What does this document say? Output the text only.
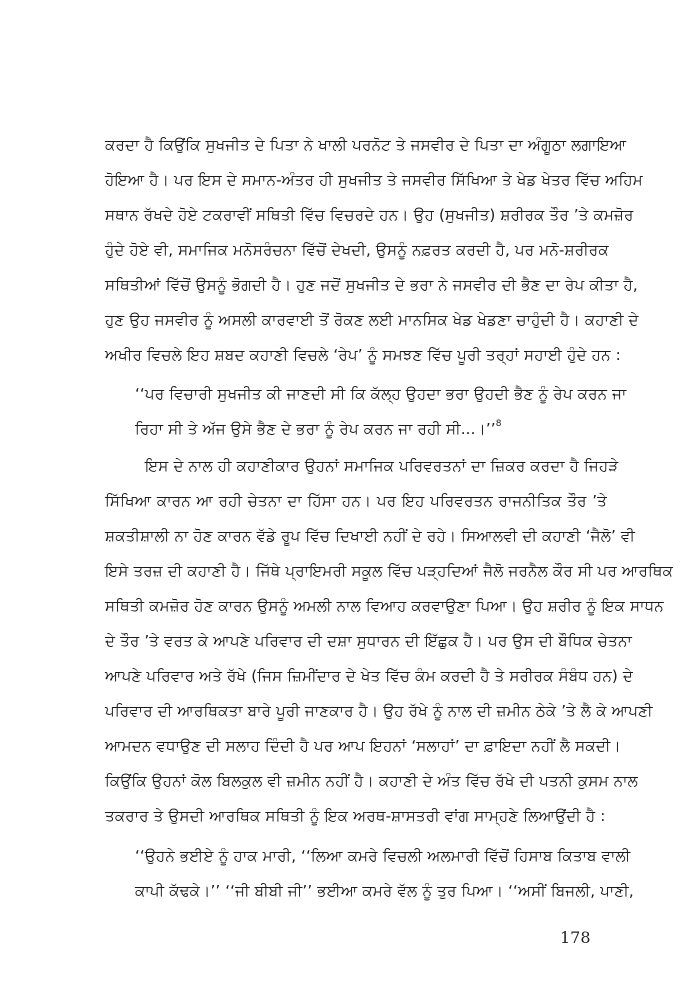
ਕਰਦਾ ਹੈ ਕਿਉਂਕਿ ਸੁਖਜੀਤ ਦੇ ਪਿਤਾ ਨੇ ਖਾਲੀ ਪਰਨੋਟ ਤੇ ਜਸਵੀਰ ਦੇ ਪਿਤਾ ਦਾ ਅੰਗੂਠਾ ਲਗਾਇਆ
ਹੋਇਆ ਹੈ। ਪਰ ਇਸ ਦੇ ਸਮਾਨ-ਅੰਤਰ ਹੀ ਸੁਖਜੀਤ ਤੇ ਜਸਵੀਰ ਸਿੱਖਿਆ ਤੇ ਖੇਡ ਖੇਤਰ ਵਿੱਚ ਅਹਿਮ
ਸਥਾਨ ਰੱਖਦੇ ਹੋਏ ਟਕਰਾਵੀਂ ਸਥਿਤੀ ਵਿੱਚ ਵਿਚਰਦੇ ਹਨ। ਉਹ (ਸੁਖਜੀਤ) ਸ਼ਰੀਰਕ ਤੌਰ ’ਤੇ ਕਮਜ਼ੋਰ
ਹੁੰਦੇ ਹੋਏ ਵੀ, ਸਮਾਜਿਕ ਮਨੋਸਰੰਚਨਾ ਵਿੱਚੋਂ ਦੇਖਦੀ, ਉਸਨੂੰ ਨਫ਼ਰਤ ਕਰਦੀ ਹੈ, ਪਰ ਮਨੋ-ਸ਼ਰੀਰਕ
ਸਥਿਤੀਆਂ ਵਿੱਚੋਂ ਉਸਨੂੰ ਭੋਗਦੀ ਹੈ। ਹੁਣ ਜਦੋਂ ਸੁਖਜੀਤ ਦੇ ਭਰਾ ਨੇ ਜਸਵੀਰ ਦੀ ਭੈਣ ਦਾ ਰੇਪ ਕੀਤਾ ਹੈ,
ਹੁਣ ਉਹ ਜਸਵੀਰ ਨੂੰ ਅਸਲੀ ਕਾਰਵਾਈ ਤੋਂ ਰੋਕਣ ਲਈ ਮਾਨਸਿਕ ਖੇਡ ਖੇਡਣਾ ਚਾਹੁੰਦੀ ਹੈ। ਕਹਾਣੀ ਦੇ
ਅਖੀਰ ਵਿਚਲੇ ਇਹ ਸ਼ਬਦ ਕਹਾਣੀ ਵਿਚਲੇ ‘ਰੇਪ’ ਨੂੰ ਸਮਝਣ ਵਿੱਚ ਪੂਰੀ ਤਰ੍ਹਾਂ ਸਹਾਈ ਹੁੰਦੇ ਹਨ :
‘‘ਪਰ ਵਿਚਾਰੀ ਸੁਖਜੀਤ ਕੀ ਜਾਣਦੀ ਸੀ ਕਿ ਕੱਲ੍ਹ ਉਹਦਾ ਭਰਾ ਉਹਦੀ ਭੈਣ ਨੂੰ ਰੇਪ ਕਰਨ ਜਾ
ਰਿਹਾ ਸੀ ਤੇ ਅੱਜ ਉਸੇ ਭੈਣ ਦੇ ਭਰਾ ਨੂੰ ਰੇਪ ਕਰਨ ਜਾ ਰਹੀ ਸੀ...।’’$^8$
ਇਸ ਦੇ ਨਾਲ ਹੀ ਕਹਾਣੀਕਾਰ ਉਹਨਾਂ ਸਮਾਜਿਕ ਪਰਿਵਰਤਨਾਂ ਦਾ ਜ਼ਿਕਰ ਕਰਦਾ ਹੈ ਜਿਹੜੇ
ਸਿੱਖਿਆ ਕਾਰਨ ਆ ਰਹੀ ਚੇਤਨਾ ਦਾ ਹਿੱਸਾ ਹਨ। ਪਰ ਇਹ ਪਰਿਵਰਤਨ ਰਾਜਨੀਤਿਕ ਤੌਰ ’ਤੇ
ਸ਼ਕਤੀਸ਼ਾਲੀ ਨਾ ਹੋਣ ਕਾਰਨ ਵੱਡੇ ਰੂਪ ਵਿੱਚ ਦਿਖਾਈ ਨਹੀਂ ਦੇ ਰਹੇ। ਸਿਆਲਵੀ ਦੀ ਕਹਾਣੀ ‘ਜੈਲੋ’ ਵੀ
ਇਸੇ ਤਰਜ਼ ਦੀ ਕਹਾਣੀ ਹੈ। ਜਿੱਥੇ ਪ੍ਰਾਇਮਰੀ ਸਕੂਲ ਵਿੱਚ ਪੜ੍ਹਦਿਆਂ ਜੈਲੋ ਜਰਨੈਲ ਕੌਰ ਸੀ ਪਰ ਆਰਥਿਕ
ਸਥਿਤੀ ਕਮਜ਼ੋਰ ਹੋਣ ਕਾਰਨ ਉਸਨੂੰ ਅਮਲੀ ਨਾਲ ਵਿਆਹ ਕਰਵਾਉਣਾ ਪਿਆ। ਉਹ ਸ਼ਰੀਰ ਨੂੰ ਇਕ ਸਾਧਨ
ਦੇ ਤੌਰ ’ਤੇ ਵਰਤ ਕੇ ਆਪਣੇ ਪਰਿਵਾਰ ਦੀ ਦਸ਼ਾ ਸੁਧਾਰਨ ਦੀ ਇੱਛੁਕ ਹੈ। ਪਰ ਉਸ ਦੀ ਬੌਧਿਕ ਚੇਤਨਾ
ਆਪਣੇ ਪਰਿਵਾਰ ਅਤੇ ਰੱਖੇ (ਜਿਸ ਜ਼ਿਮੀਂਦਾਰ ਦੇ ਖੇਤ ਵਿੱਚ ਕੰਮ ਕਰਦੀ ਹੈ ਤੇ ਸਰੀਰਕ ਸੰਬੰਧ ਹਨ) ਦੇ
ਪਰਿਵਾਰ ਦੀ ਆਰਥਿਕਤਾ ਬਾਰੇ ਪੂਰੀ ਜਾਣਕਾਰ ਹੈ। ਉਹ ਰੱਖੇ ਨੂੰ ਨਾਲ ਦੀ ਜ਼ਮੀਨ ਠੇਕੇ ’ਤੇ ਲੈ ਕੇ ਆਪਣੀ
ਆਮਦਨ ਵਧਾਉਣ ਦੀ ਸਲਾਹ ਦਿੰਦੀ ਹੈ ਪਰ ਆਪ ਇਹਨਾਂ ‘ਸਲਾਹਾਂ’ ਦਾ ਫ਼ਾਇਦਾ ਨਹੀਂ ਲੈ ਸਕਦੀ।
ਕਿਉਂਕਿ ਉਹਨਾਂ ਕੋਲ ਬਿਲਕੁਲ ਵੀ ਜ਼ਮੀਨ ਨਹੀਂ ਹੈ। ਕਹਾਣੀ ਦੇ ਅੰਤ ਵਿੱਚ ਰੱਖੇ ਦੀ ਪਤਨੀ ਕੁਸਮ ਨਾਲ
ਤਕਰਾਰ ਤੇ ਉਸਦੀ ਆਰਥਿਕ ਸਥਿਤੀ ਨੂੰ ਇਕ ਅਰਥ-ਸ਼ਾਸਤਰੀ ਵਾਂਗ ਸਾਮ੍ਹਣੇ ਲਿਆਉਂਦੀ ਹੈ :
‘‘ਉਹਨੇ ਭਈਏ ਨੂੰ ਹਾਕ ਮਾਰੀ, ‘‘ਲਿਆ ਕਮਰੇ ਵਿਚਲੀ ਅਲਮਾਰੀ ਵਿੱਚੋਂ ਹਿਸਾਬ ਕਿਤਾਬ ਵਾਲੀ
ਕਾਪੀ ਕੱਢਕੇ।’’ ‘‘ਜੀ ਬੀਬੀ ਜੀ’’ ਭਈਆ ਕਮਰੇ ਵੱਲ ਨੂੰ ਤੁਰ ਪਿਆ। ‘‘ਅਸੀਂ ਬਿਜਲੀ, ਪਾਣੀ,
178
